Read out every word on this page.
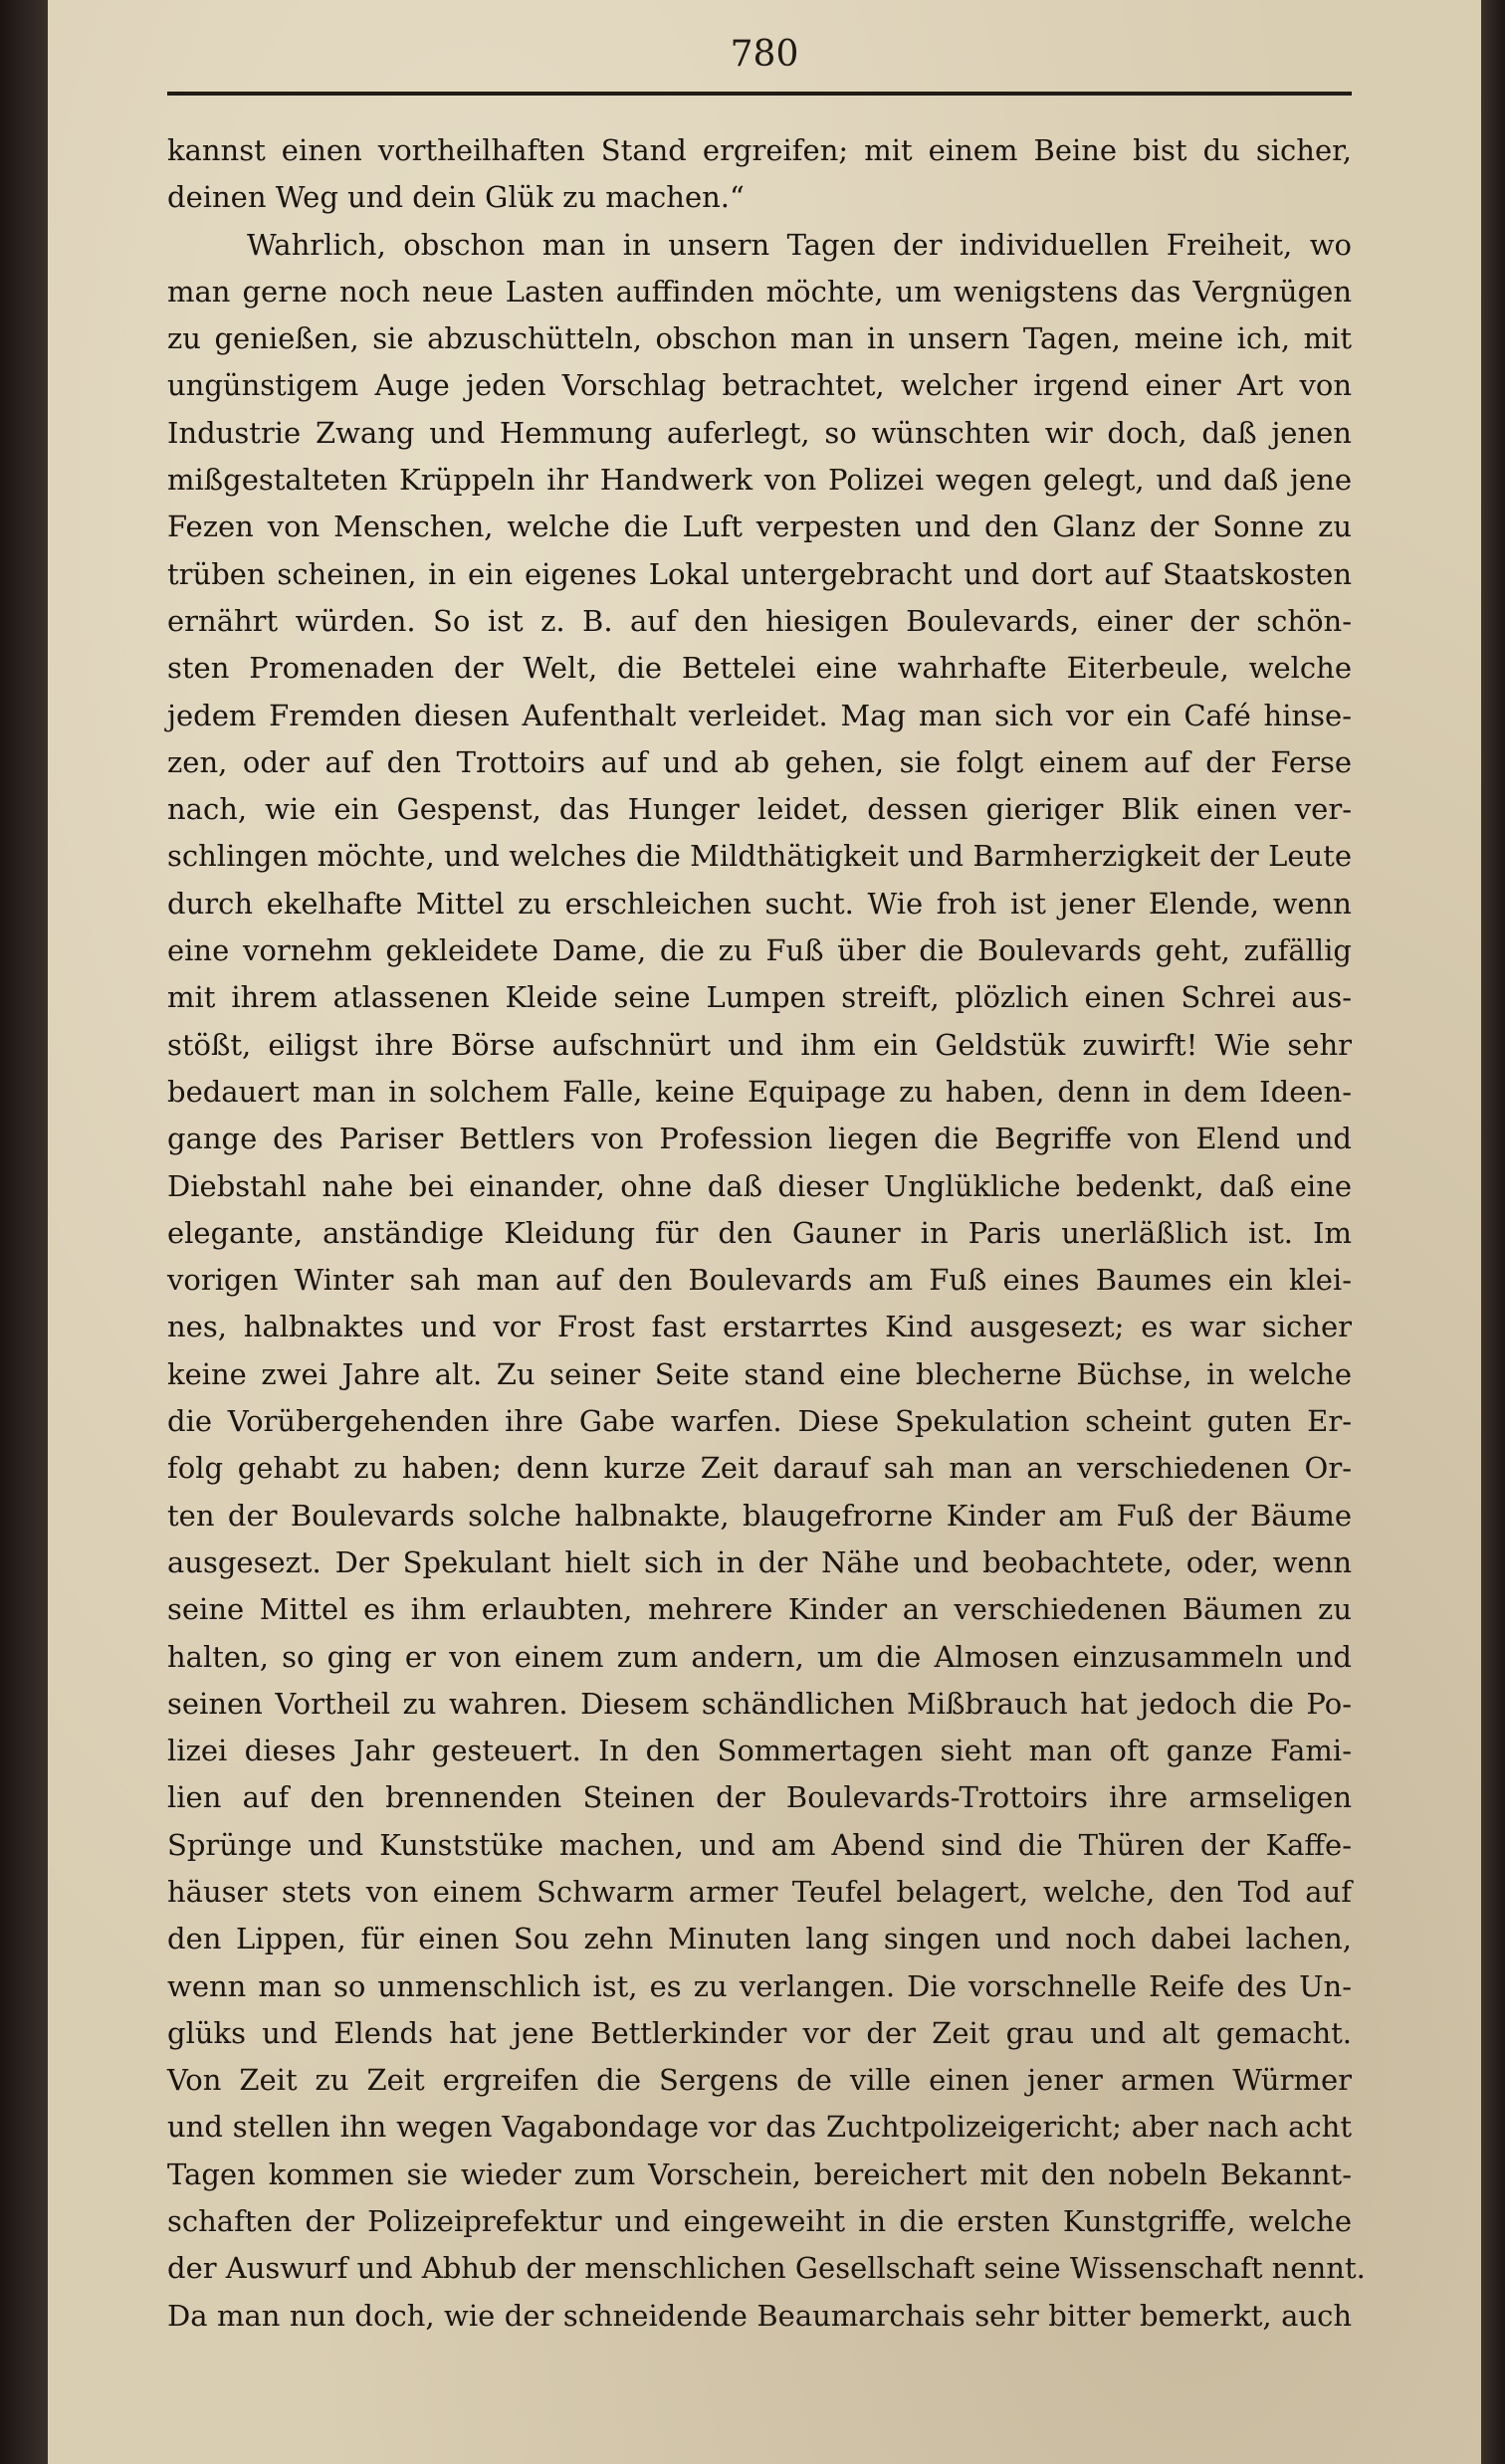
780
kannst einen vortheilhaften Stand ergreifen; mit einem Beine bist du sicher,
deinen Weg und dein Glük zu machen.“
Wahrlich, obschon man in unsern Tagen der individuellen Freiheit, wo
man gerne noch neue Lasten auffinden möchte, um wenigstens das Vergnügen
zu genießen, sie abzuschütteln, obschon man in unsern Tagen, meine ich, mit
ungünstigem Auge jeden Vorschlag betrachtet, welcher irgend einer Art von
Industrie Zwang und Hemmung auferlegt, so wünschten wir doch, daß jenen
mißgestalteten Krüppeln ihr Handwerk von Polizei wegen gelegt, und daß jene
Fezen von Menschen, welche die Luft verpesten und den Glanz der Sonne zu
trüben scheinen, in ein eigenes Lokal untergebracht und dort auf Staatskosten
ernährt würden. So ist z. B. auf den hiesigen Boulevards, einer der schön-
sten Promenaden der Welt, die Bettelei eine wahrhafte Eiterbeule, welche
jedem Fremden diesen Aufenthalt verleidet. Mag man sich vor ein Café hinse-
zen, oder auf den Trottoirs auf und ab gehen, sie folgt einem auf der Ferse
nach, wie ein Gespenst, das Hunger leidet, dessen gieriger Blik einen ver-
schlingen möchte, und welches die Mildthätigkeit und Barmherzigkeit der Leute
durch ekelhafte Mittel zu erschleichen sucht. Wie froh ist jener Elende, wenn
eine vornehm gekleidete Dame, die zu Fuß über die Boulevards geht, zufällig
mit ihrem atlassenen Kleide seine Lumpen streift, plözlich einen Schrei aus-
stößt, eiligst ihre Börse aufschnürt und ihm ein Geldstük zuwirft! Wie sehr
bedauert man in solchem Falle, keine Equipage zu haben, denn in dem Ideen-
gange des Pariser Bettlers von Profession liegen die Begriffe von Elend und
Diebstahl nahe bei einander, ohne daß dieser Unglükliche bedenkt, daß eine
elegante, anständige Kleidung für den Gauner in Paris unerläßlich ist. Im
vorigen Winter sah man auf den Boulevards am Fuß eines Baumes ein klei-
nes, halbnaktes und vor Frost fast erstarrtes Kind ausgesezt; es war sicher
keine zwei Jahre alt. Zu seiner Seite stand eine blecherne Büchse, in welche
die Vorübergehenden ihre Gabe warfen. Diese Spekulation scheint guten Er-
folg gehabt zu haben; denn kurze Zeit darauf sah man an verschiedenen Or-
ten der Boulevards solche halbnakte, blaugefrorne Kinder am Fuß der Bäume
ausgesezt. Der Spekulant hielt sich in der Nähe und beobachtete, oder, wenn
seine Mittel es ihm erlaubten, mehrere Kinder an verschiedenen Bäumen zu
halten, so ging er von einem zum andern, um die Almosen einzusammeln und
seinen Vortheil zu wahren. Diesem schändlichen Mißbrauch hat jedoch die Po-
lizei dieses Jahr gesteuert. In den Sommertagen sieht man oft ganze Fami-
lien auf den brennenden Steinen der Boulevards-Trottoirs ihre armseligen
Sprünge und Kunststüke machen, und am Abend sind die Thüren der Kaffe-
häuser stets von einem Schwarm armer Teufel belagert, welche, den Tod auf
den Lippen, für einen Sou zehn Minuten lang singen und noch dabei lachen,
wenn man so unmenschlich ist, es zu verlangen. Die vorschnelle Reife des Un-
glüks und Elends hat jene Bettlerkinder vor der Zeit grau und alt gemacht.
Von Zeit zu Zeit ergreifen die Sergens de ville einen jener armen Würmer
und stellen ihn wegen Vagabondage vor das Zuchtpolizeigericht; aber nach acht
Tagen kommen sie wieder zum Vorschein, bereichert mit den nobeln Bekannt-
schaften der Polizeiprefektur und eingeweiht in die ersten Kunstgriffe, welche
der Auswurf und Abhub der menschlichen Gesellschaft seine Wissenschaft nennt.
Da man nun doch, wie der schneidende Beaumarchais sehr bitter bemerkt, auch
